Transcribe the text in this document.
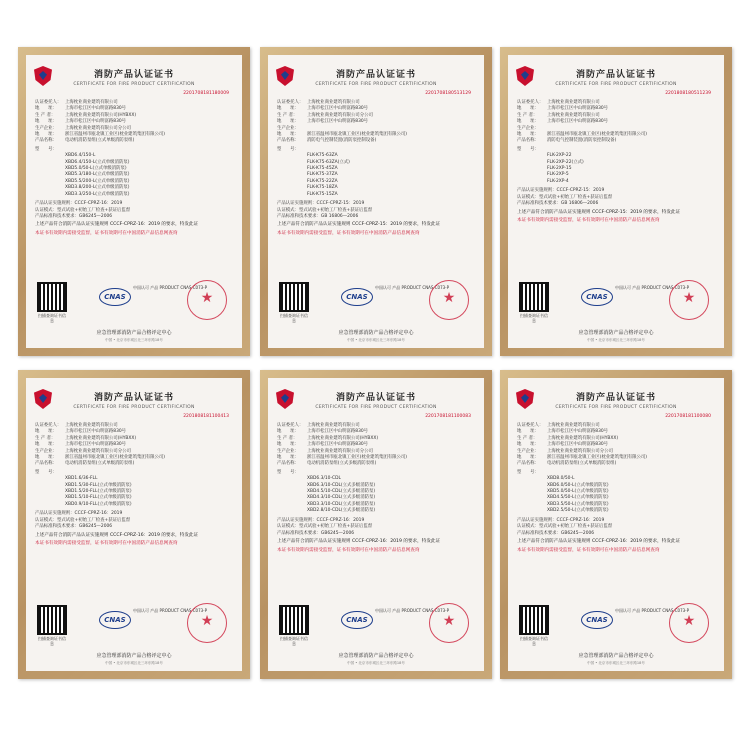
消防产品认证证书
CERTIFICATE FOR FIRE PRODUCT CERTIFICATION
2201708181180009
认证委托人： 上海枕业商业建筑有限公司
地　　址：	上海市松江区中山明富路830号
生 产 者：	上海枕业商业建筑有限公司(HYBXX)
地　　址：	上海市松江区中山明富路830号
生产企业：	上海枕业商业建筑有限公司分公司
地　　址：	浙江省温州市瓯北镇工业区(枕业建筑集团有限公司)
产品名称：	电动机消防泵组(立式单级消防泵组)
型　　号：
XBD6.4/150-L
XBD6.4/150-L(立式单级消防泵)
XBD5.0/50-L(立式单级消防泵)
XBD5.3/180-L(立式单级消防泵)
XBD5.5/200-L(立式单级消防泵)
XBD3.8/200-L(立式单级消防泵)
XBD3.3/250-L(立式单级消防泵)
产品认证实施规则： CCCF-CPRZ-16：2019
认证模式： 型式试验+初始工厂检查+获证后监督
产品标准和技术要求： GB6245—2006
上述产品符合消防产品认证实施规则 CCCF-CPRZ-16：2019 的要求，特发此证
本证书有效期内需接受监督，证书有效期可在中国消防产品信息网查询
扫描查询证书信息
CNAS
中国认可 产品 PRODUCT CNAS C073-P
★
应急管理部消防产品合格评定中心
中国 • 北京市东城区北三环东路18号
消防产品认证证书
CERTIFICATE FOR FIRE PRODUCT CERTIFICATION
2201708180513129
认证委托人： 上海枕业商业建筑有限公司
地　　址：	上海市松江区中山明富路830号
生 产 者：	上海枕业商业建筑有限公司分公司
地　　址：	上海市松江区中山明富路830号
生产企业：
地　　址：	浙江省温州市瓯北镇工业区(枕业建筑集团有限公司)
产品名称：	消防电气控制装置(消防泵控制设备)
型　　号：
FLK-K75-63ZA
FLK-K75-63ZA(立式)
FLK-K75-45ZA
FLK-K75-37ZA
FLK-K75-22ZA
FLK-K75-18ZA
FLK-K75-15ZA
产品认证实施规则： CCCF-CPRZ-15：2019
认证模式： 型式试验+初始工厂检查+获证后监督
产品标准和技术要求： GB 16806—2006
上述产品符合消防产品认证实施规则 CCCF-CPRZ-15：2019 的要求，特发此证
本证书有效期内需接受监督，证书有效期可在中国消防产品信息网查询
扫描查询证书信息
CNAS
中国认可 产品 PRODUCT CNAS C073-P
★
应急管理部消防产品合格评定中心
中国 • 北京市东城区北三环东路18号
消防产品认证证书
CERTIFICATE FOR FIRE PRODUCT CERTIFICATION
2201808180511239
认证委托人： 上海枕业商业建筑有限公司
地　　址：	上海市松江区中山明富路830号
生 产 者：	上海枕业商业建筑有限公司
地　　址：	上海市松江区中山明富路830号
生产企业：
地　　址：	浙江省温州市瓯北镇工业区(枕业建筑集团有限公司)
产品名称：	消防电气控制装置(消防泵控制设备)
型　　号：
FLK-2XP-22
FLK-2XP-22(立式)
FLK-2XP-15
FLK-2XP-5
FLK-2XP-4
产品认证实施规则： CCCF-CPRZ-15：2019
认证模式： 型式试验+初始工厂检查+获证后监督
产品标准和技术要求： GB 16806—2006
上述产品符合消防产品认证实施规则 CCCF-CPRZ-15：2019 的要求，特发此证
本证书有效期内需接受监督，证书有效期可在中国消防产品信息网查询
扫描查询证书信息
CNAS
中国认可 产品 PRODUCT CNAS C073-P
★
应急管理部消防产品合格评定中心
中国 • 北京市东城区北三环东路18号
消防产品认证证书
CERTIFICATE FOR FIRE PRODUCT CERTIFICATION
2201808181100413
认证委托人： 上海枕业商业建筑有限公司
地　　址：	上海市松江区中山明富路830号
生 产 者：	上海枕业商业建筑有限公司(HYBXX)
地　　址：	上海市松江区中山明富路830号
生产企业：	上海枕业商业建筑有限公司分公司
地　　址：	浙江省温州市瓯北镇工业区(枕业建筑集团有限公司)
产品名称：	电动机消防泵组(立式单级消防泵组)
型　　号：
XBD1.6/36-FLL
XBD1.5/30-FLL(立式单级消防泵)
XBD1.5/20-FLL(立式单级消防泵)
XBD1.5/10-FLL(立式单级消防泵)
XBD0.9/10-FLL(立式单级消防泵)
产品认证实施规则： CCCF-CPRZ-16：2019
认证模式： 型式试验+初始工厂检查+获证后监督
产品标准和技术要求： GB6245—2006
上述产品符合消防产品认证实施规则 CCCF-CPRZ-16：2019 的要求，特发此证
本证书有效期内需接受监督，证书有效期可在中国消防产品信息网查询
扫描查询证书信息
CNAS
中国认可 产品 PRODUCT CNAS C073-P
★
应急管理部消防产品合格评定中心
中国 • 北京市东城区北三环东路18号
消防产品认证证书
CERTIFICATE FOR FIRE PRODUCT CERTIFICATION
2201708181100083
认证委托人： 上海枕业商业建筑有限公司
地　　址：	上海市松江区中山明富路830号
生 产 者：	上海枕业商业建筑有限公司(HYBXX)
地　　址：	上海市松江区中山明富路830号
生产企业：	上海枕业商业建筑有限公司分公司
地　　址：	浙江省温州市瓯北镇工业区(枕业建筑集团有限公司)
产品名称：	电动机消防泵组(立式多级消防泵组)
型　　号：
XBD6.3/10-CDL
XBD6.3/10-CDL(立式多级消防泵)
XBD4.5/10-CDL(立式多级消防泵)
XBD4.3/10-CDL(立式多级消防泵)
XBD3.3/10-CDL(立式多级消防泵)
XBD2.8/10-CDL(立式多级消防泵)
产品认证实施规则： CCCF-CPRZ-16：2019
认证模式： 型式试验+初始工厂检查+获证后监督
产品标准和技术要求： GB6245—2006
上述产品符合消防产品认证实施规则 CCCF-CPRZ-16：2019 的要求，特发此证
本证书有效期内需接受监督，证书有效期可在中国消防产品信息网查询
扫描查询证书信息
CNAS
中国认可 产品 PRODUCT CNAS C073-P
★
应急管理部消防产品合格评定中心
中国 • 北京市东城区北三环东路18号
消防产品认证证书
CERTIFICATE FOR FIRE PRODUCT CERTIFICATION
2201708181100080
认证委托人： 上海枕业商业建筑有限公司
地　　址：	上海市松江区中山明富路830号
生 产 者：	上海枕业商业建筑有限公司(HYBXX)
地　　址：	上海市松江区中山明富路830号
生产企业：	上海枕业商业建筑有限公司分公司
地　　址：	浙江省温州市瓯北镇工业区(枕业建筑集团有限公司)
产品名称：	电动机消防泵组(立式单级消防泵组)
型　　号：
XBD8.0/50-L
XBD6.0/50-L(立式单级消防泵)
XBD5.0/50-L(立式单级消防泵)
XBD4.5/50-L(立式单级消防泵)
XBD3.5/50-L(立式单级消防泵)
XBD2.5/50-L(立式单级消防泵)
产品认证实施规则： CCCF-CPRZ-16：2019
认证模式： 型式试验+初始工厂检查+获证后监督
产品标准和技术要求： GB6245—2006
上述产品符合消防产品认证实施规则 CCCF-CPRZ-16：2019 的要求，特发此证
本证书有效期内需接受监督，证书有效期可在中国消防产品信息网查询
扫描查询证书信息
CNAS
中国认可 产品 PRODUCT CNAS C073-P
★
应急管理部消防产品合格评定中心
中国 • 北京市东城区北三环东路18号
